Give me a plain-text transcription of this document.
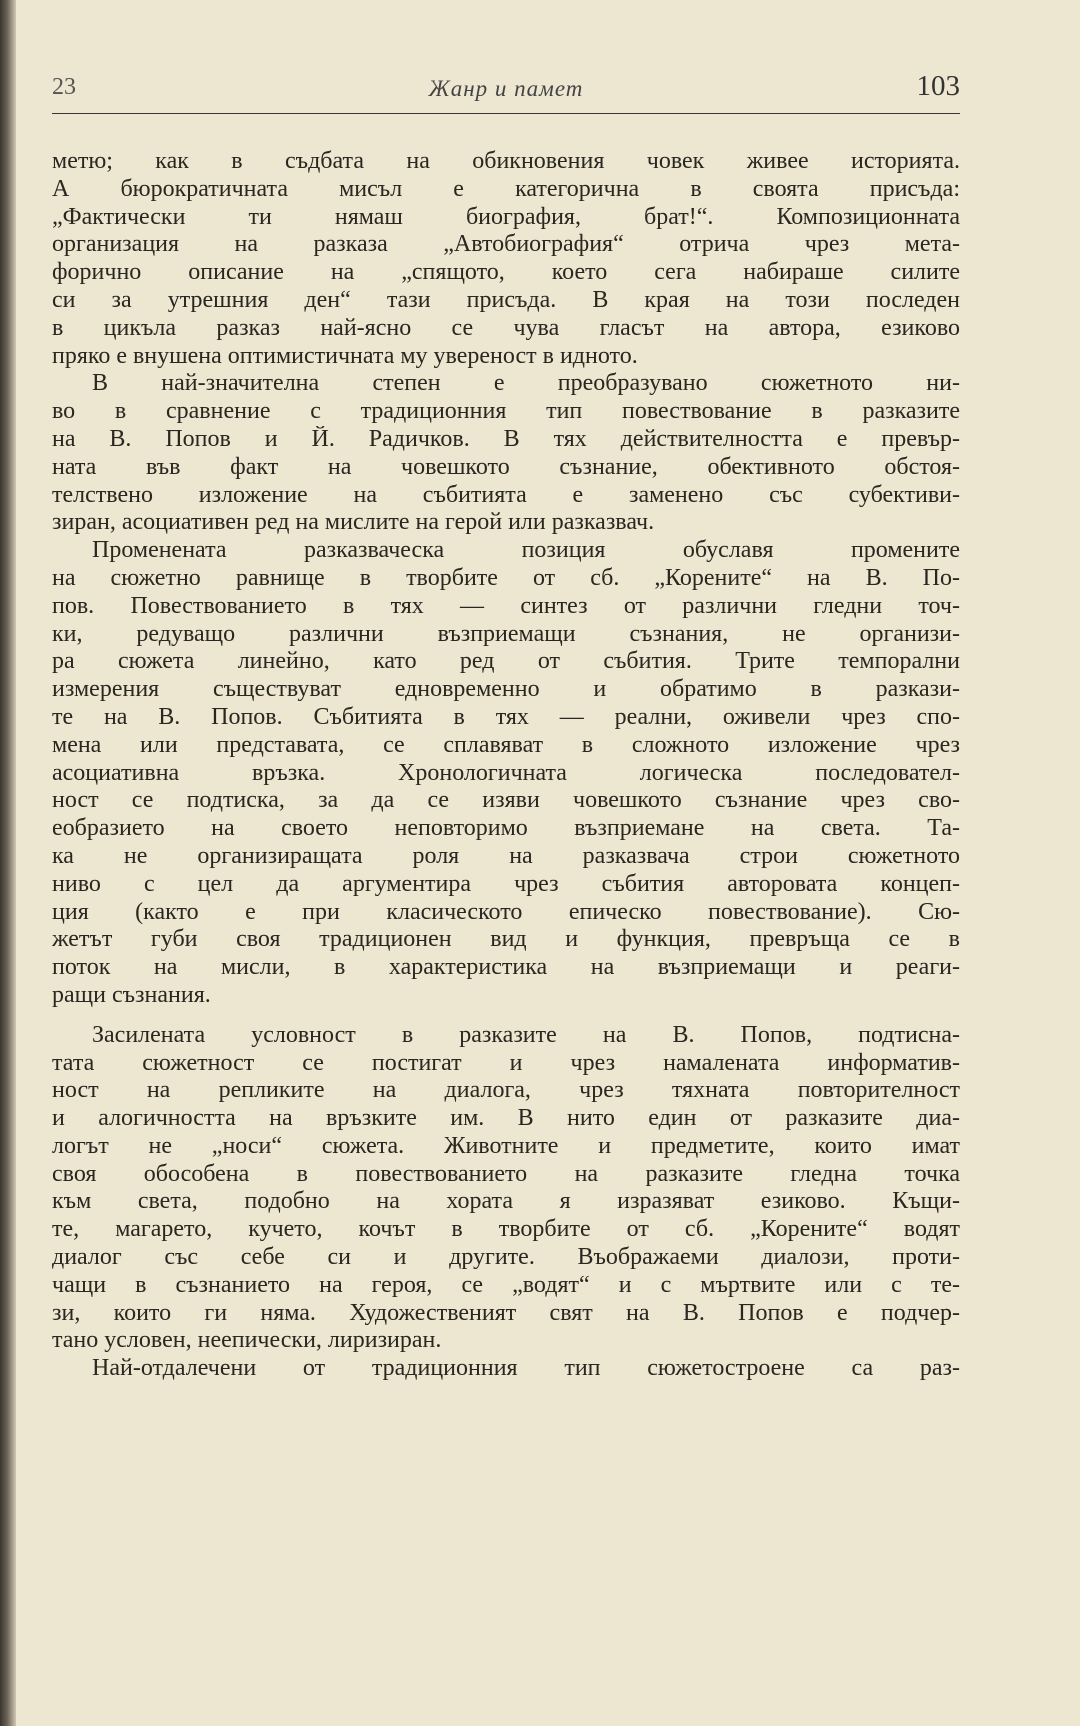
23	Жанр и памет	103
метю; как в съдбата на обикновения човек живее историята.
А бюрократичната мисъл е категорична в своята присъда:
„Фактически ти нямаш биография, брат!“. Композиционната
организация на разказа „Автобиография“ отрича чрез мета-
форично описание на „спящото, което сега набираше силите
си за утрешния ден“ тази присъда. В края на този последен
в цикъла разказ най-ясно се чува гласът на автора, езиково
пряко е внушена оптимистичната му увереност в идното.
В най-значителна степен е преобразувано сюжетното ни-
во в сравнение с традиционния тип повествование в разказите
на В. Попов и Й. Радичков. В тях действителността е превър-
ната във факт на човешкото съзнание, обективното обстоя-
телствено изложение на събитията е заменено със субективи-
зиран, асоциативен ред на мислите на герой или разказвач.
Променената разказваческа позиция обуславя промените
на сюжетно равнище в творбите от сб. „Корените“ на В. По-
пов. Повествованието в тях — синтез от различни гледни точ-
ки, редуващо различни възприемащи съзнания, не организи-
ра сюжета линейно, като ред от събития. Трите темпорални
измерения съществуват едновременно и обратимо в разкази-
те на В. Попов. Събитията в тях — реални, оживели чрез спо-
мена или представата, се сплавяват в сложното изложение чрез
асоциативна връзка. Хронологичната логическа последовател-
ност се подтиска, за да се изяви човешкото съзнание чрез сво-
еобразието на своето неповторимо възприемане на света. Та-
ка не организиращата роля на разказвача строи сюжетното
ниво с цел да аргументира чрез събития авторовата концеп-
ция (както е при класическото епическо повествование). Сю-
жетът губи своя традиционен вид и функция, превръща се в
поток на мисли, в характеристика на възприемащи и реаги-
ращи съзнания.
Засилената условност в разказите на В. Попов, подтисна-
тата сюжетност се постигат и чрез намалената информатив-
ност на репликите на диалога, чрез тяхната повторителност
и алогичността на връзките им. В нито един от разказите диа-
логът не „носи“ сюжета. Животните и предметите, които имат
своя обособена в повествованието на разказите гледна точка
към света, подобно на хората я изразяват езиково. Къщи-
те, магарето, кучето, кочът в творбите от сб. „Корените“ водят
диалог със себе си и другите. Въображаеми диалози, проти-
чащи в съзнанието на героя, се „водят“ и с мъртвите или с те-
зи, които ги няма. Художественият свят на В. Попов е подчер-
тано условен, неепически, лиризиран.
Най-отдалечени от традиционния тип сюжетостроене са раз-
